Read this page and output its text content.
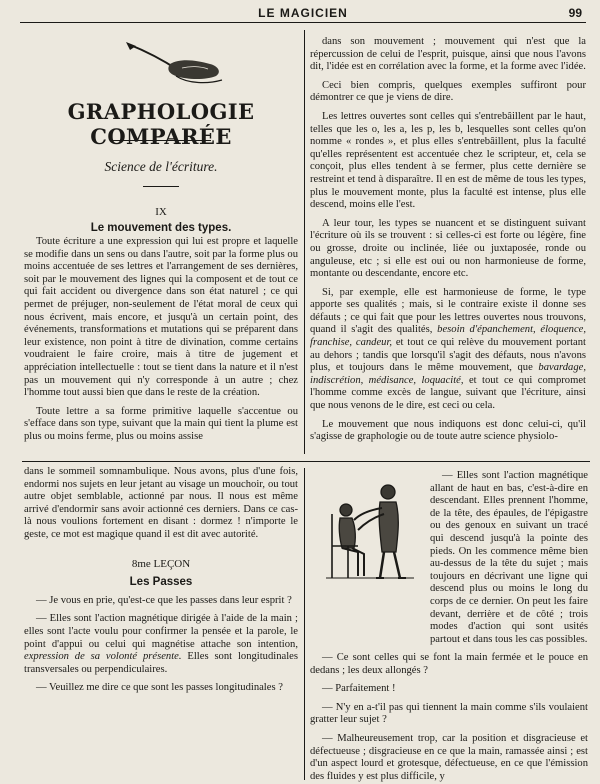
LE MAGICIEN	99
GRAPHOLOGIE COMPARÉE
Science de l'écriture.
IX
Le mouvement des types.

Toute écriture a une expression qui lui est propre et laquelle se modifie dans un sens ou dans l'autre, soit par la forme plus ou moins accentuée de ses lettres et l'arrangement de ses dernières, soit par le mouvement des lignes qui la composent et de tout ce qui fait accident ou divergence dans son état naturel ; ce qui permet de préjuger, non-seulement de l'état moral de ceux qui nous écrivent, mais encore, et jusqu'à un certain point, des événements, transformations et mutations qui se préparent dans leur existence, non point à titre de divination, comme certains voudraient le faire croire, mais à titre de jugement et appréciation intellectuelle : tout se tient dans la nature et il n'est pas un mouvement qui n'y corresponde à un autre ; chez l'homme tout aussi bien que dans le reste de la création.

Toute lettre a sa forme primitive laquelle s'accentue ou s'efface dans son type, suivant que la main qui tient la plume est plus ou moins ferme, plus ou moins assise

dans son mouvement ; mouvement qui n'est que la répercussion de celui de l'esprit, puisque, ainsi que nous l'avons dit, l'idée est en corrélation avec la forme, et la forme avec l'idée.

Ceci bien compris, quelques exemples suffiront pour démontrer ce que je viens de dire.

Les lettres ouvertes sont celles qui s'entrebâillent par le haut, telles que les o, les a, les p, les b, lesquelles sont celles qu'on nomme « rondes », et plus elles s'entrebâillent, plus la faculté qu'elles représentent est accentuée chez le scripteur, et, cela se conçoit, plus elles tendent à se fermer, plus cette dernière se restreint et tend à disparaître. Il en est de même de tous les types, plus le mouvement monte, plus la faculté est intense, plus elle descend, moins elle l'est.

A leur tour, les types se nuancent et se distinguent suivant l'écriture où ils se trouvent : si celles-ci est forte ou légère, fine ou grosse, droite ou inclinée, liée ou juxtaposée, ronde ou anguleuse, etc ; si elle est oui ou non harmonieuse de forme, montante ou descendante, encore etc.

Si, par exemple, elle est harmonieuse de forme, le type apporte ses qualités ; mais, si le contraire existe il donne ses défauts ; ce qui fait que pour les lettres ouvertes nous trouvons, quand il s'agit des qualités, besoin d'épanchement, éloquence, franchise, candeur, et tout ce qui relève du mouvement portant au dehors ; tandis que lorsqu'il s'agit des défauts, nous n'avons plus, et toujours dans le même mouvement, que bavardage, indiscrétion, médisance, loquacité, et tout ce qui compromet l'homme comme excès de langue, suivant que l'écriture, ainsi que nous venons de le dire, est ceci ou cela.

Le mouvement que nous indiquons est donc celui-ci, qu'il s'agisse de graphologie ou de toute autre science physiolo-

dans le sommeil somnambulique. Nous avons, plus d'une fois, endormi nos sujets en leur jetant au visage un mouchoir, ou tout autre objet semblable, actionné par nous. Il nous est même arrivé d'endormir sans avoir actionné ces derniers. Dans ce cas-là nous voulions fortement en disant : dormez ! n'importe le geste, ce mot est magique quand il est dit avec autorité.

8me LEÇON

Les Passes

— Je vous en prie, qu'est-ce que les passes dans leur esprit ?

— Elles sont l'action magnétique dirigée à l'aide de la main ; elles sont l'acte voulu pour confirmer la pensée et la parole, le point d'appui ou celui qui magnétise attache son intention, expression de sa volonté présente. Elles sont longitudinales transversales ou perpendiculaires.

— Veuillez me dire ce que sont les passes longitudinales ?

— Elles sont l'action magnétique allant de haut en bas, c'est-à-dire en descendant. Elles prennent l'homme, de la tête, des épaules, de l'épigastre ou des genoux en suivant un tracé qui descend jusqu'à la pointe des pieds. On les commence même bien au-dessus de la tête du sujet ; mais toujours en décrivant une ligne qui descend plus ou moins le long du corps de ce dernier. On peut les faire devant, derrière et de côté ; trois modes d'action qui sont usités partout et dans tous les cas possibles.

— Ce sont celles qui se font la main fermée et le pouce en dedans ; les deux allongés ?

— Parfaitement !

— N'y en a-t'il pas qui tiennent la main comme s'ils voulaient gratter leur sujet ?

— Malheureusement trop, car la position et disgracieuse et défectueuse ; disgracieuse en ce que la main, ramassée ainsi ; est d'un aspect lourd et grotesque, défectueuse, en ce que l'émission des fluides y est plus difficile, y
